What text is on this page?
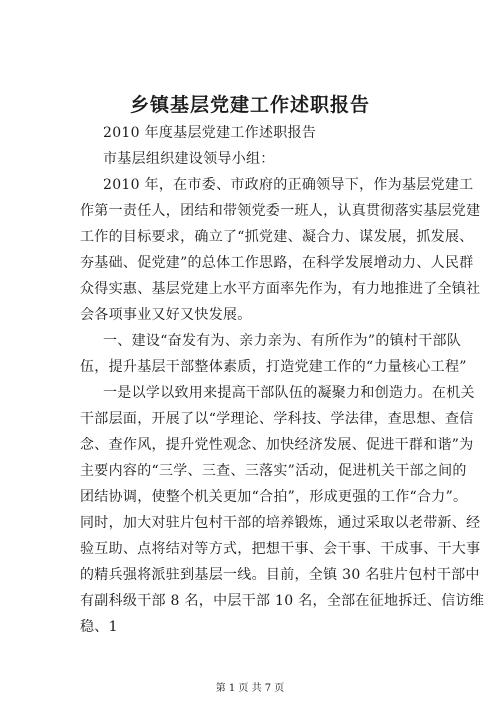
乡镇基层党建工作述职报告

2010 年度基层党建工作述职报告

市基层组织建设领导小组：

2010 年，在市委、市政府的正确领导下，作为基层党建工

作第一责任人，团结和带领党委一班人，认真贯彻落实基层党建

工作的目标要求，确立了“抓党建、凝合力、谋发展，抓发展、

夯基础、促党建”的总体工作思路，在科学发展增动力、人民群

众得实惠、基层党建上水平方面率先作为，有力地推进了全镇社

会各项事业又好又快发展。

一、建设“奋发有为、亲力亲为、有所作为”的镇村干部队

伍，提升基层干部整体素质，打造党建工作的“力量核心工程”

一是以学以致用来提高干部队伍的凝聚力和创造力。在机关

干部层面，开展了以“学理论、学科技、学法律，查思想、查信

念、查作风，提升党性观念、加快经济发展、促进干群和谐”为

主要内容的“三学、三查、三落实”活动，促进机关干部之间的

团结协调，使整个机关更加“合拍”，形成更强的工作“合力”。

同时，加大对驻片包村干部的培养锻炼，通过采取以老带新、经

验互助、点将结对等方式，把想干事、会干事、干成事、干大事

的精兵强将派驻到基层一线。目前，全镇 30 名驻片包村干部中

有副科级干部 8 名，中层干部 10 名，全部在征地拆迁、信访维

稳、1

第 1 页 共 7 页
